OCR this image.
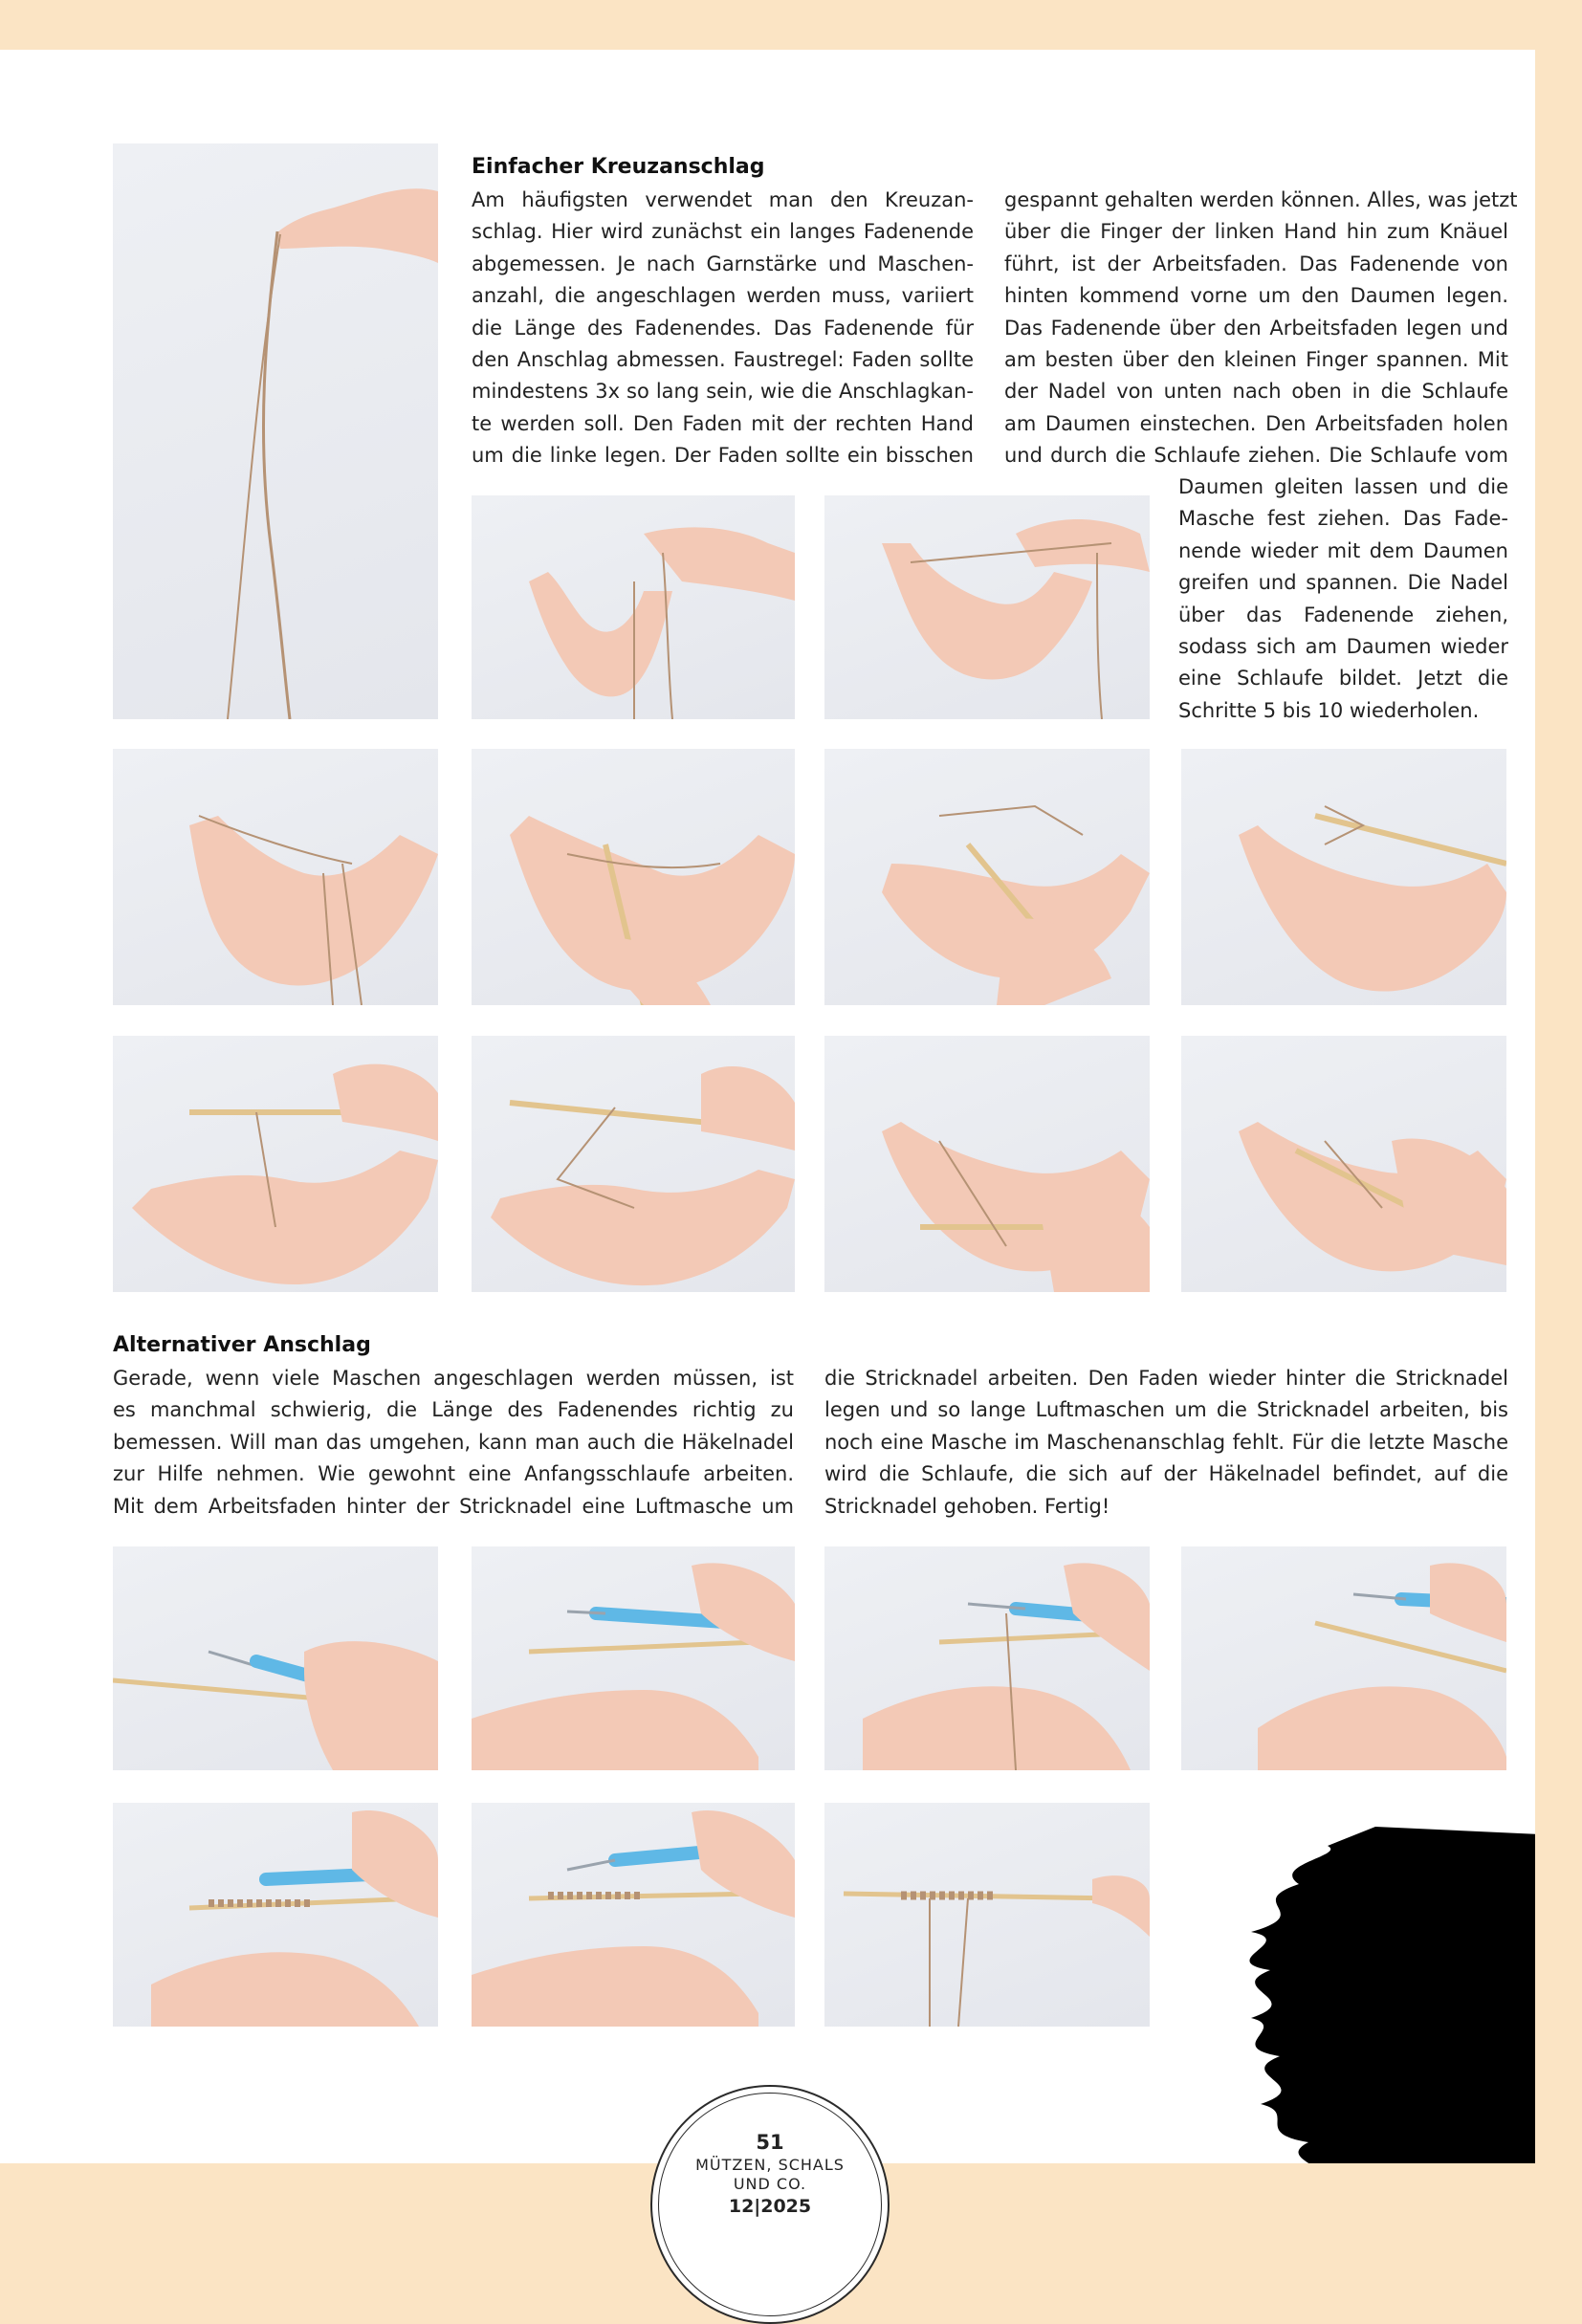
Einfacher Kreuzanschlag
Am häufigsten verwendet man den Kreuzan-
schlag. Hier wird zunächst ein langes Fadenende
abgemessen. Je nach Garnstärke und Maschen-
anzahl, die angeschlagen werden muss, variiert
die Länge des Fadenendes. Das Fadenende für
den Anschlag abmessen. Faustregel: Faden sollte
mindestens 3x so lang sein, wie die Anschlagkan-
te werden soll. Den Faden mit der rechten Hand
um die linke legen. Der Faden sollte ein bisschen
gespannt gehalten werden können. Alles, was jetzt
über die Finger der linken Hand hin zum Knäuel
führt, ist der Arbeitsfaden. Das Fadenende von
hinten kommend vorne um den Daumen legen.
Das Fadenende über den Arbeitsfaden legen und
am besten über den kleinen Finger spannen. Mit
der Nadel von unten nach oben in die Schlaufe
am Daumen einstechen. Den Arbeitsfaden holen
und durch die Schlaufe ziehen. Die Schlaufe vom
Daumen gleiten lassen und die
Masche fest ziehen. Das Fade-
nende wieder mit dem Daumen
greifen und spannen. Die Nadel
über das Fadenende ziehen,
sodass sich am Daumen wieder
eine Schlaufe bildet. Jetzt die
Schritte 5 bis 10 wiederholen.
Alternativer Anschlag
Gerade, wenn viele Maschen angeschlagen werden müssen, ist
es manchmal schwierig, die Länge des Fadenendes richtig zu
bemessen. Will man das umgehen, kann man auch die Häkelnadel
zur Hilfe nehmen. Wie gewohnt eine Anfangsschlaufe arbeiten.
Mit dem Arbeitsfaden hinter der Stricknadel eine Luftmasche um
die Stricknadel arbeiten. Den Faden wieder hinter die Stricknadel
legen und so lange Luftmaschen um die Stricknadel arbeiten, bis
noch eine Masche im Maschenanschlag fehlt. Für die letzte Masche
wird die Schlaufe, die sich auf der Häkelnadel befindet, auf die
Stricknadel gehoben. Fertig!
51
MÜTZEN, SCHALS
UND CO.
12|2025
